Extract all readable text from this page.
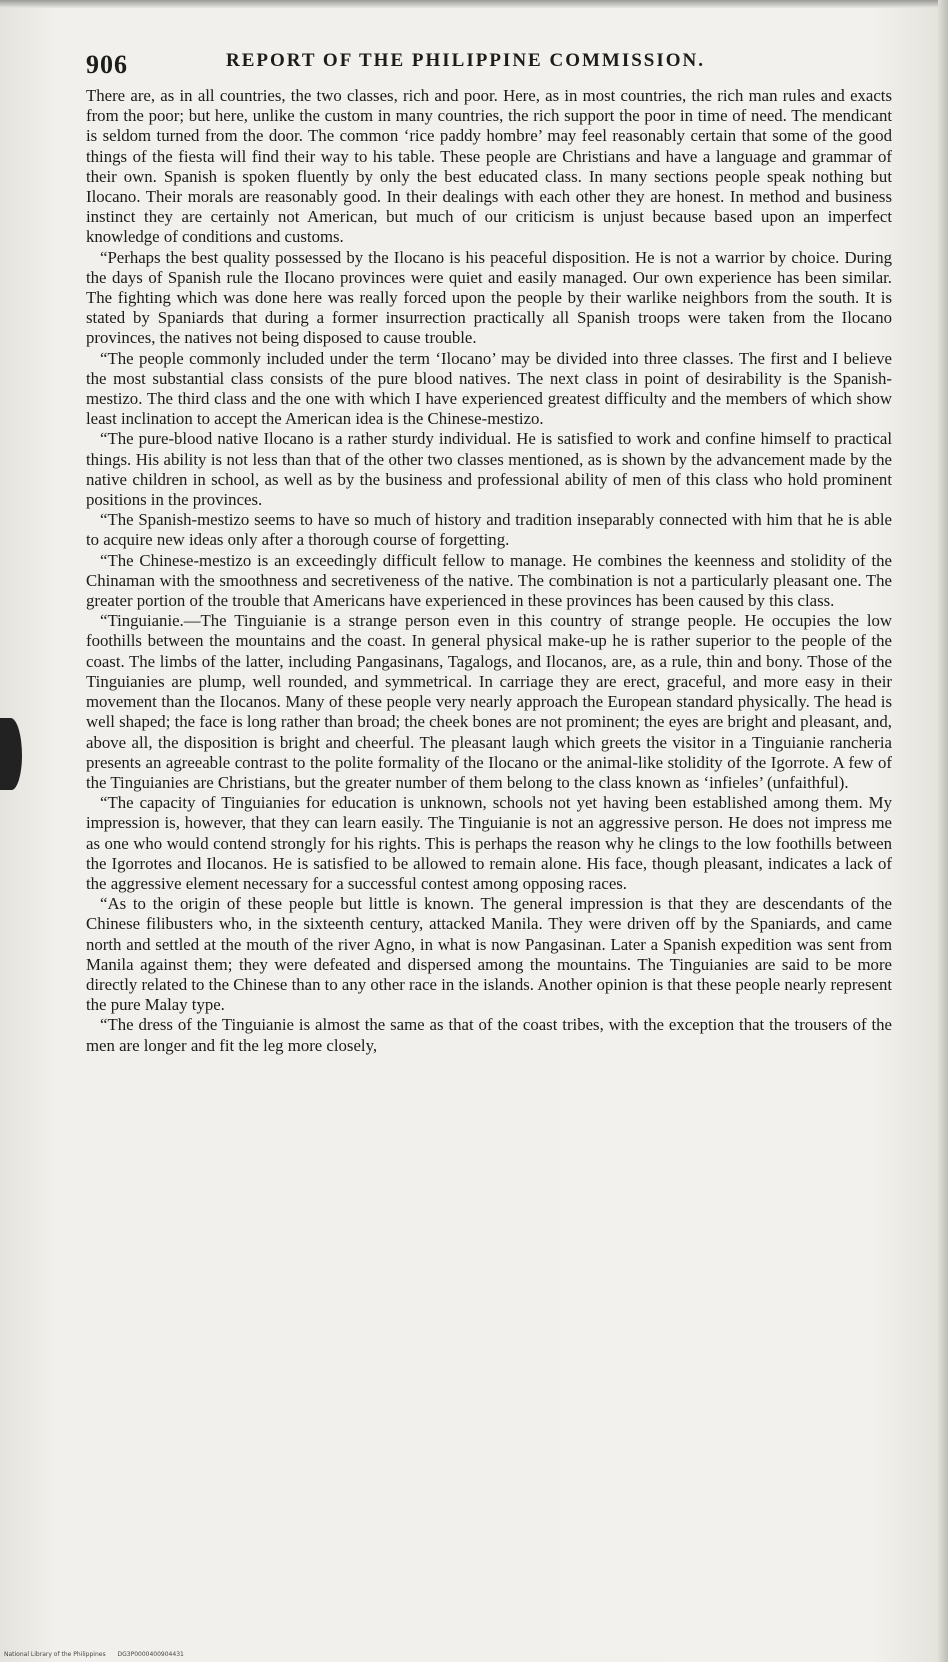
906	REPORT OF THE PHILIPPINE COMMISSION.

There are, as in all countries, the two classes, rich and poor. Here, as in most countries, the rich man rules and exacts from the poor; but here, unlike the custom in many countries, the rich support the poor in time of need. The mendicant is seldom turned from the door. The common ‘rice paddy hombre’ may feel reasonably certain that some of the good things of the fiesta will find their way to his table. These people are Christians and have a language and grammar of their own. Spanish is spoken fluently by only the best educated class. In many sections people speak nothing but Ilocano. Their morals are reasonably good. In their dealings with each other they are honest. In method and business instinct they are certainly not American, but much of our criticism is unjust because based upon an imperfect knowledge of conditions and customs.

“Perhaps the best quality possessed by the Ilocano is his peaceful disposition. He is not a warrior by choice. During the days of Spanish rule the Ilocano provinces were quiet and easily managed. Our own experience has been similar. The fighting which was done here was really forced upon the people by their warlike neighbors from the south. It is stated by Spaniards that during a former insurrection practically all Spanish troops were taken from the Ilocano provinces, the natives not being disposed to cause trouble.

“The people commonly included under the term ‘Ilocano’ may be divided into three classes. The first and I believe the most substantial class consists of the pure blood natives. The next class in point of desirability is the Spanish-mestizo. The third class and the one with which I have experienced greatest difficulty and the members of which show least inclination to accept the American idea is the Chinese-mestizo.

“The pure-blood native Ilocano is a rather sturdy individual. He is satisfied to work and confine himself to practical things. His ability is not less than that of the other two classes mentioned, as is shown by the advancement made by the native children in school, as well as by the business and professional ability of men of this class who hold prominent positions in the provinces.

“The Spanish-mestizo seems to have so much of history and tradition inseparably connected with him that he is able to acquire new ideas only after a thorough course of forgetting.

“The Chinese-mestizo is an exceedingly difficult fellow to manage. He combines the keenness and stolidity of the Chinaman with the smoothness and secretiveness of the native. The combination is not a particularly pleasant one. The greater portion of the trouble that Americans have experienced in these provinces has been caused by this class.

“Tinguianie.—The Tinguianie is a strange person even in this country of strange people. He occupies the low foothills between the mountains and the coast. In general physical make-up he is rather superior to the people of the coast. The limbs of the latter, including Pangasinans, Tagalogs, and Ilocanos, are, as a rule, thin and bony. Those of the Tinguianies are plump, well rounded, and symmetrical. In carriage they are erect, graceful, and more easy in their movement than the Ilocanos. Many of these people very nearly approach the European standard physically. The head is well shaped; the face is long rather than broad; the cheek bones are not prominent; the eyes are bright and pleasant, and, above all, the disposition is bright and cheerful. The pleasant laugh which greets the visitor in a Tinguianie rancheria presents an agreeable contrast to the polite formality of the Ilocano or the animal-like stolidity of the Igorrote. A few of the Tinguianies are Christians, but the greater number of them belong to the class known as ‘infieles’ (unfaithful).

“The capacity of Tinguianies for education is unknown, schools not yet having been established among them. My impression is, however, that they can learn easily. The Tinguianie is not an aggressive person. He does not impress me as one who would contend strongly for his rights. This is perhaps the reason why he clings to the low foothills between the Igorrotes and Ilocanos. He is satisfied to be allowed to remain alone. His face, though pleasant, indicates a lack of the aggressive element necessary for a successful contest among opposing races.

“As to the origin of these people but little is known. The general impression is that they are descendants of the Chinese filibusters who, in the sixteenth century, attacked Manila. They were driven off by the Spaniards, and came north and settled at the mouth of the river Agno, in what is now Pangasinan. Later a Spanish expedition was sent from Manila against them; they were defeated and dispersed among the mountains. The Tinguianies are said to be more directly related to the Chinese than to any other race in the islands. Another opinion is that these people nearly represent the pure Malay type.

“The dress of the Tinguianie is almost the same as that of the coast tribes, with the exception that the trousers of the men are longer and fit the leg more closely,

National Library of the Philippines DG3P0000400904431
